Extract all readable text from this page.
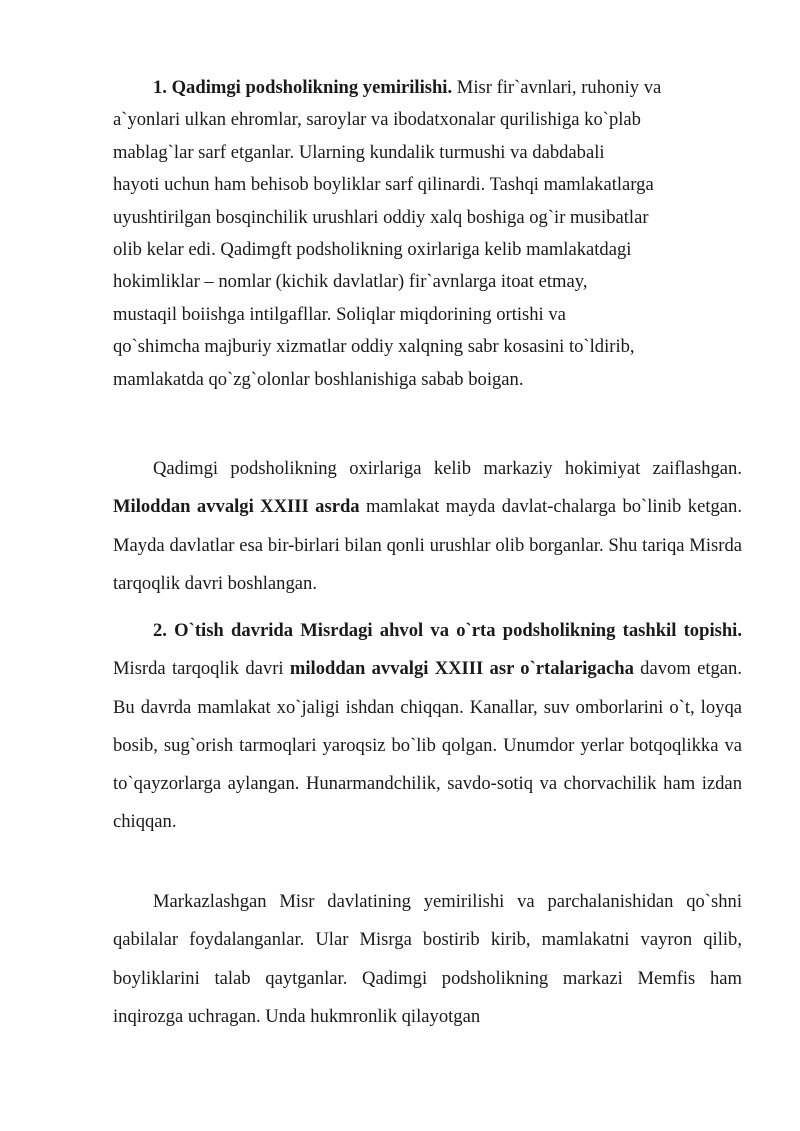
1. Qadimgi podsholikning yemirilishi. Misr fir`avnlari, ruhoniy va
a`yonlari ulkan ehromlar, saroylar va ibodatxonalar qurilishiga ko`plab
mablag`lar sarf etganlar. Ularning kundalik turmushi va dabdabali
hayoti uchun ham behisob boyliklar sarf qilinardi. Tashqi mamlakatlarga
uyushtirilgan bosqinchilik urushlari oddiy xalq boshiga og`ir musibatlar
olib kelar edi. Qadimgft podsholikning oxirlariga kelib mamlakatdagi
hokimliklar – nomlar (kichik davlatlar) fir`avnlarga itoat etmay,
mustaqil boiishga intilgafllar. Soliqlar miqdorining ortishi va
qo`shimcha majburiy xizmatlar oddiy xalqning sabr kosasini to`ldirib,
mamlakatda qo`zg`olonlar boshlanishiga sabab boigan.

Qadimgi podsholikning oxirlariga kelib markaziy hokimiyat zaiflashgan. Miloddan avvalgi XXIII asrda mamlakat mayda davlat-chalarga bo`linib ketgan. Mayda davlatlar esa bir-birlari bilan qonli urushlar olib borganlar. Shu tariqa Misrda tarqoqlik davri boshlangan.

2. O`tish davrida Misrdagi ahvol va o`rta podsholikning tashkil topishi. Misrda tarqoqlik davri miloddan avvalgi XXIII asr o`rtalarigacha davom etgan. Bu davrda mamlakat xo`jaligi ishdan chiqqan. Kanallar, suv omborlarini o`t, loyqa bosib, sug`orish tarmoqlari yaroqsiz bo`lib qolgan. Unumdor yerlar botqoqlikka va to`qayzorlarga aylangan. Hunarmandchilik, savdo-sotiq va chorvachilik ham izdan chiqqan.

Markazlashgan Misr davlatining yemirilishi va parchalanishidan qo`shni qabilalar foydalanganlar. Ular Misrga bostirib kirib, mamlakatni vayron qilib, boyliklarini talab qaytganlar. Qadimgi podsholikning markazi Memfis ham inqirozga uchragan. Unda hukmronlik qilayotgan
